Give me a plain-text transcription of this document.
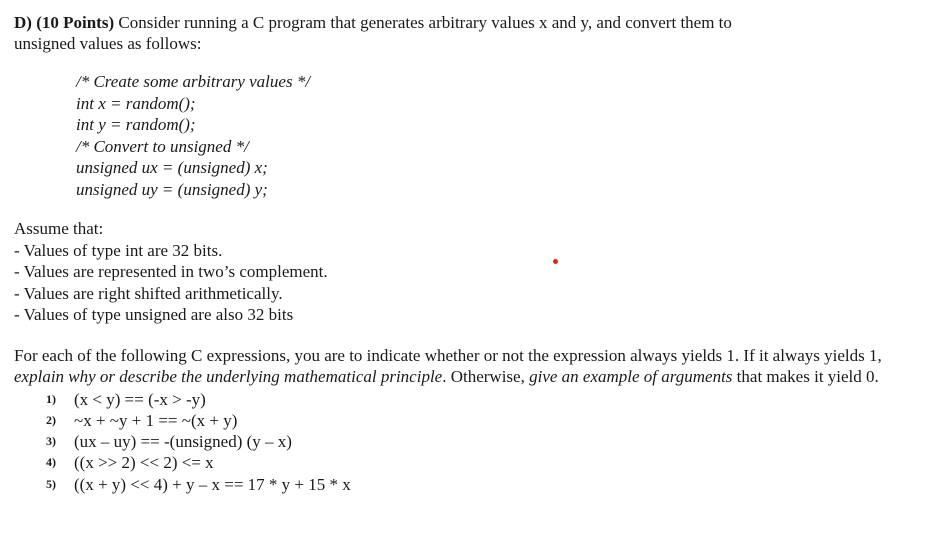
D) (10 Points) Consider running a C program that generates arbitrary values x and y, and convert them to
unsigned values as follows:

/* Create some arbitrary values */
int x = random();
int y = random();
/* Convert to unsigned */
unsigned ux = (unsigned) x;
unsigned uy = (unsigned) y;
Assume that:
- Values of type int are 32 bits.
- Values are represented in two’s complement.
- Values are right shifted arithmetically.
- Values of type unsigned are also 32 bits

For each of the following C expressions, you are to indicate whether or not the expression always yields 1. If it always yields 1, explain why or describe the underlying mathematical principle. Otherwise, give an example of arguments that makes it yield 0.

1)	(x < y) == (-x > -y)
2)	~x + ~y + 1 == ~(x + y)
3)	(ux – uy) == -(unsigned) (y – x)
4)	((x >> 2) << 2) <= x
5)	((x + y) << 4) + y – x == 17 * y + 15 * x
